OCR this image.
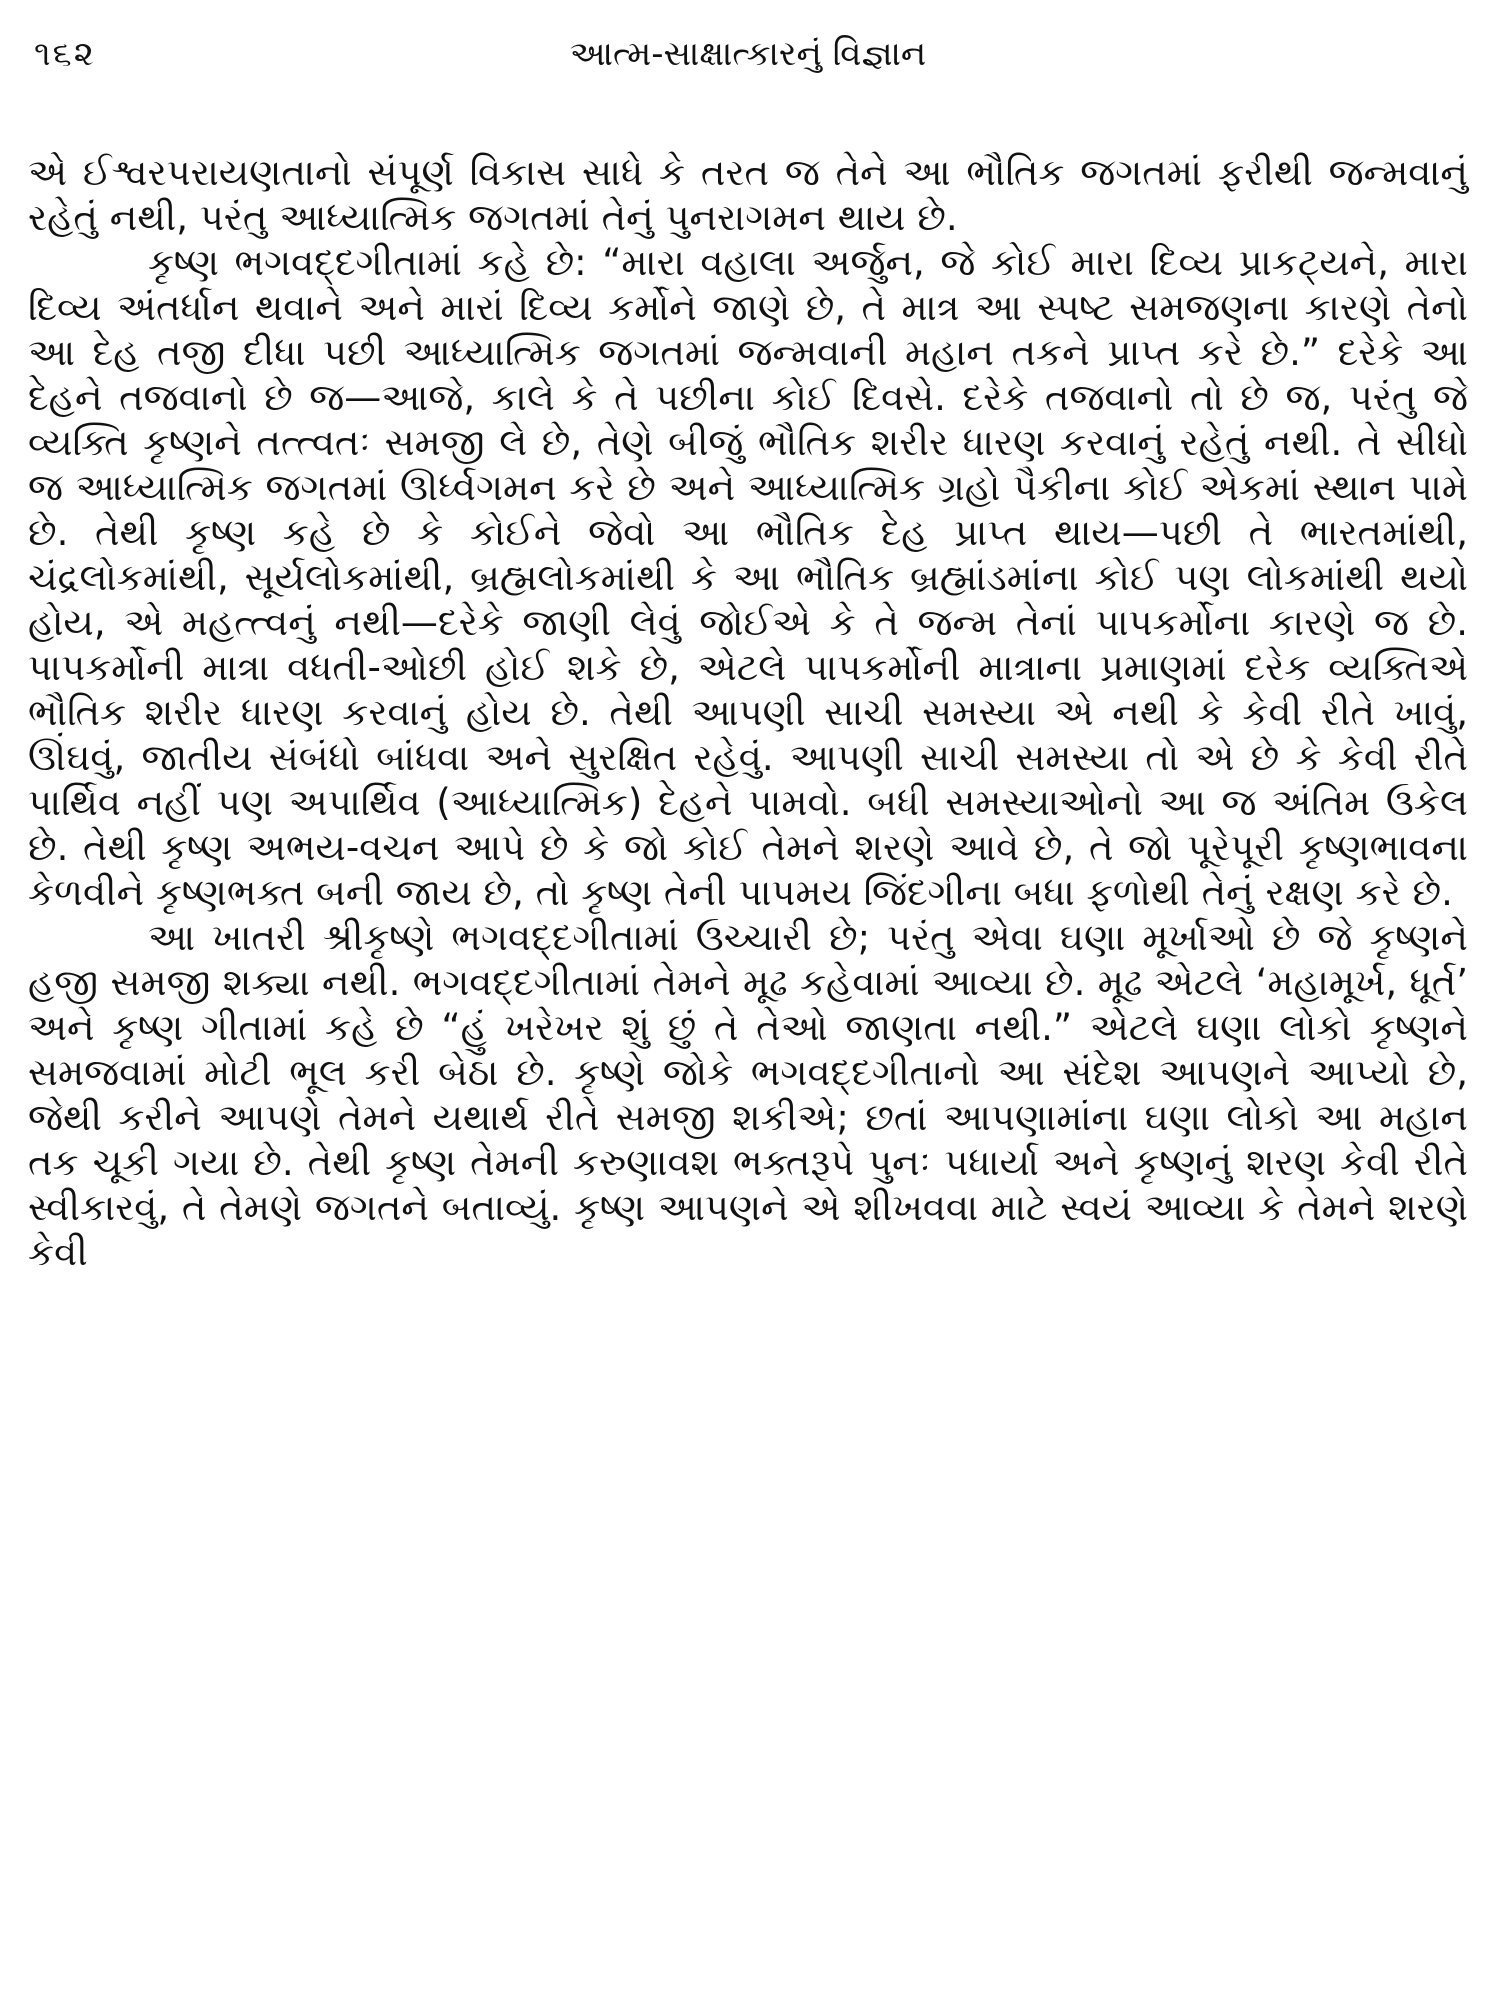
૧૬૨	આત્મ-સાક્ષાત્કારનું વિજ્ઞાન

એ ઈશ્વરપરાયણતાનો સંપૂર્ણ વિકાસ સાધે કે તરત જ તેને આ ભૌતિક જગતમાં ફરીથી જન્મવાનું રહેતું નથી, પરંતુ આધ્યાત્મિક જગતમાં તેનું પુનરાગમન થાય છે.

કૃષ્ણ ભગવદ્દગીતામાં કહે છે: “મારા વહાલા અર્જુન, જે કોઈ મારા દિવ્ય પ્રાકટ્યને, મારા દિવ્ય અંતર્ધાન થવાને અને મારાં દિવ્ય કર્મોને જાણે છે, તે માત્ર આ સ્પષ્ટ સમજણના કારણે તેનો આ દેહ તજી દીધા પછી આધ્યાત્મિક જગતમાં જન્મવાની મહાન તકને પ્રાપ્ત કરે છે.” દરેકે આ દેહને તજવાનો છે જ—આજે, કાલે કે તે પછીના કોઈ દિવસે. દરેકે તજવાનો તો છે જ, પરંતુ જે વ્યક્તિ કૃષ્ણને તત્ત્વતઃ સમજી લે છે, તેણે બીજું ભૌતિક શરીર ધારણ કરવાનું રહેતું નથી. તે સીધો જ આધ્યાત્મિક જગતમાં ઊર્ધ્વગમન કરે છે અને આધ્યાત્મિક ગ્રહો પૈકીના કોઈ એકમાં સ્થાન પામે છે. તેથી કૃષ્ણ કહે છે કે કોઈને જેવો આ ભૌતિક દેહ પ્રાપ્ત થાય—પછી તે ભારતમાંથી, ચંદ્રલોકમાંથી, સૂર્યલોકમાંથી, બ્રહ્મલોકમાંથી કે આ ભૌતિક બ્રહ્માંડમાંના કોઈ પણ લોકમાંથી થયો હોય, એ મહત્ત્વનું નથી—દરેકે જાણી લેવું જોઈએ કે તે જન્મ તેનાં પાપકર્મોના કારણે જ છે. પાપકર્મોની માત્રા વધતી-ઓછી હોઈ શકે છે, એટલે પાપકર્મોની માત્રાના પ્રમાણમાં દરેક વ્યક્તિએ ભૌતિક શરીર ધારણ કરવાનું હોય છે. તેથી આપણી સાચી સમસ્યા એ નથી કે કેવી રીતે ખાવું, ઊંઘવું, જાતીય સંબંધો બાંધવા અને સુરક્ષિત રહેવું. આપણી સાચી સમસ્યા તો એ છે કે કેવી રીતે પાર્થિવ નહીં પણ અપાર્થિવ (આધ્યાત્મિક) દેહને પામવો. બધી સમસ્યાઓનો આ જ અંતિમ ઉકેલ છે. તેથી કૃષ્ણ અભય-વચન આપે છે કે જો કોઈ તેમને શરણે આવે છે, તે જો પૂરેપૂરી કૃષ્ણભાવના કેળવીને કૃષ્ણભક્ત બની જાય છે, તો કૃષ્ણ તેની પાપમય જિંદગીના બધા ફળોથી તેનું રક્ષણ કરે છે.

આ ખાતરી શ્રીકૃષ્ણે ભગવદ્દગીતામાં ઉચ્ચારી છે; પરંતુ એવા ઘણા મૂર્ખાઓ છે જે કૃષ્ણને હજી સમજી શક્યા નથી. ભગવદ્દગીતામાં તેમને મૂઢ કહેવામાં આવ્યા છે. મૂઢ એટલે ‘મહામૂર્ખ, ધૂર્ત’ અને કૃષ્ણ ગીતામાં કહે છે “હું ખરેખર શું છું તે તેઓ જાણતા નથી.” એટલે ઘણા લોકો કૃષ્ણને સમજવામાં મોટી ભૂલ કરી બેઠા છે. કૃષ્ણે જોકે ભગવદ્દગીતાનો આ સંદેશ આપણને આપ્યો છે, જેથી કરીને આપણે તેમને યથાર્થ રીતે સમજી શકીએ; છતાં આપણામાંના ઘણા લોકો આ મહાન તક ચૂકી ગયા છે. તેથી કૃષ્ણ તેમની કરુણાવશ ભક્તરૂપે પુનઃ પધાર્યા અને કૃષ્ણનું શરણ કેવી રીતે સ્વીકારવું, તે તેમણે જગતને બતાવ્યું. કૃષ્ણ આપણને એ શીખવવા માટે સ્વયં આવ્યા કે તેમને શરણે કેવી
